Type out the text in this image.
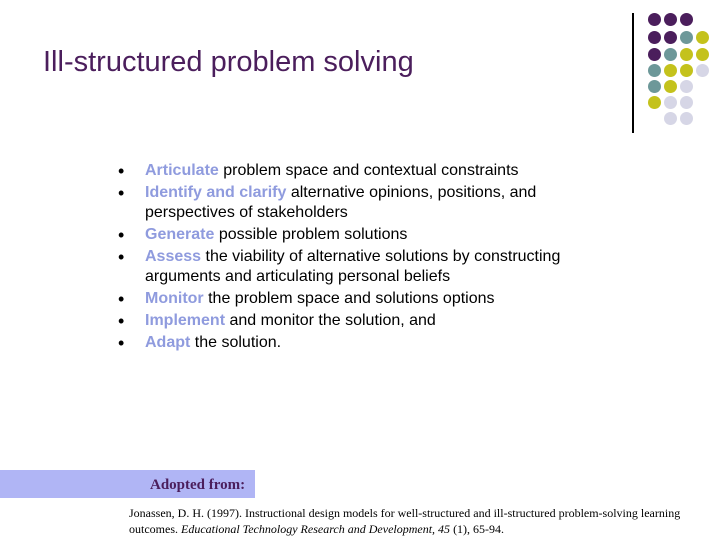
Ill-structured problem solving
• Articulate problem space and contextual constraints
• Identify and clarify alternative opinions, positions, and perspectives of stakeholders
• Generate possible problem solutions
• Assess the viability of alternative solutions by constructing arguments and articulating personal beliefs
• Monitor the problem space and solutions options
• Implement and monitor the solution, and
• Adapt the solution.
Adopted from:
Jonassen, D. H. (1997). Instructional design models for well-structured and ill-structured problem-solving learning outcomes. Educational Technology Research and Development, 45 (1), 65-94.
